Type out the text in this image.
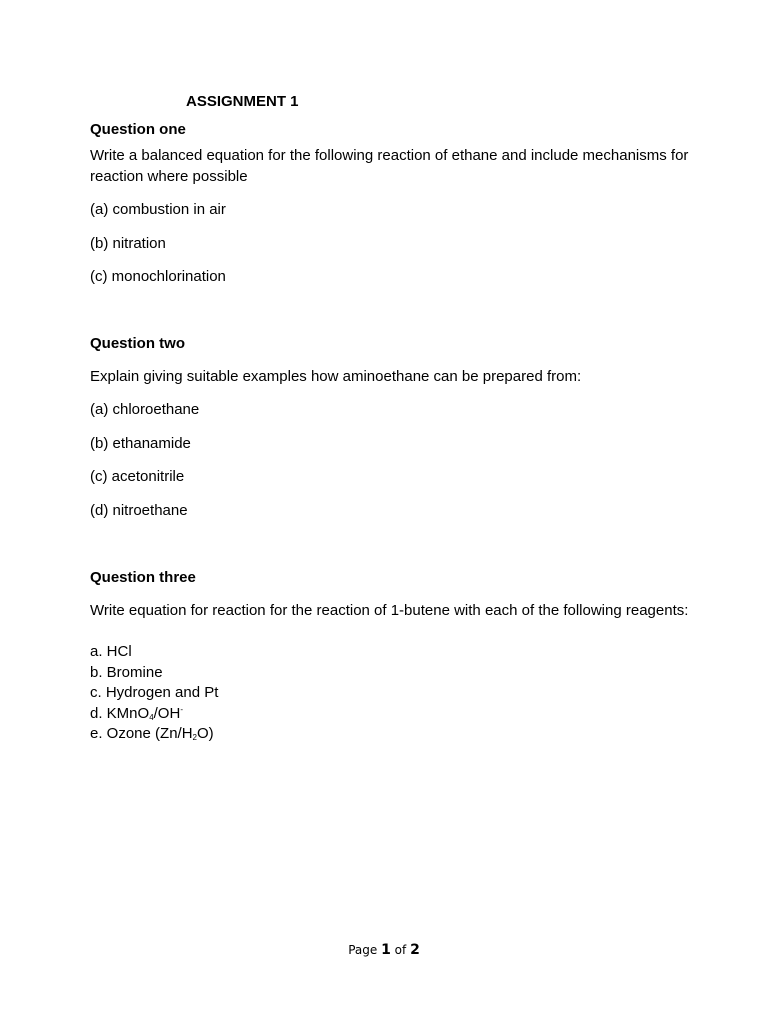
ASSIGNMENT 1

Question one

Write a balanced equation for the following reaction of ethane and include mechanisms for reaction where possible

(a) combustion in air

(b) nitration

(c) monochlorination

Question two

Explain giving suitable examples how aminoethane can be prepared from:

(a) chloroethane

(b) ethanamide

(c) acetonitrile

(d) nitroethane

Question three

Write equation for reaction for the reaction of 1-butene with each of the following reagents:

a. HCl
b. Bromine
c. Hydrogen and Pt
d. KMnO$_4$/OH-
e. Ozone $(Zn/H_2O)$
Page 1 of 2
